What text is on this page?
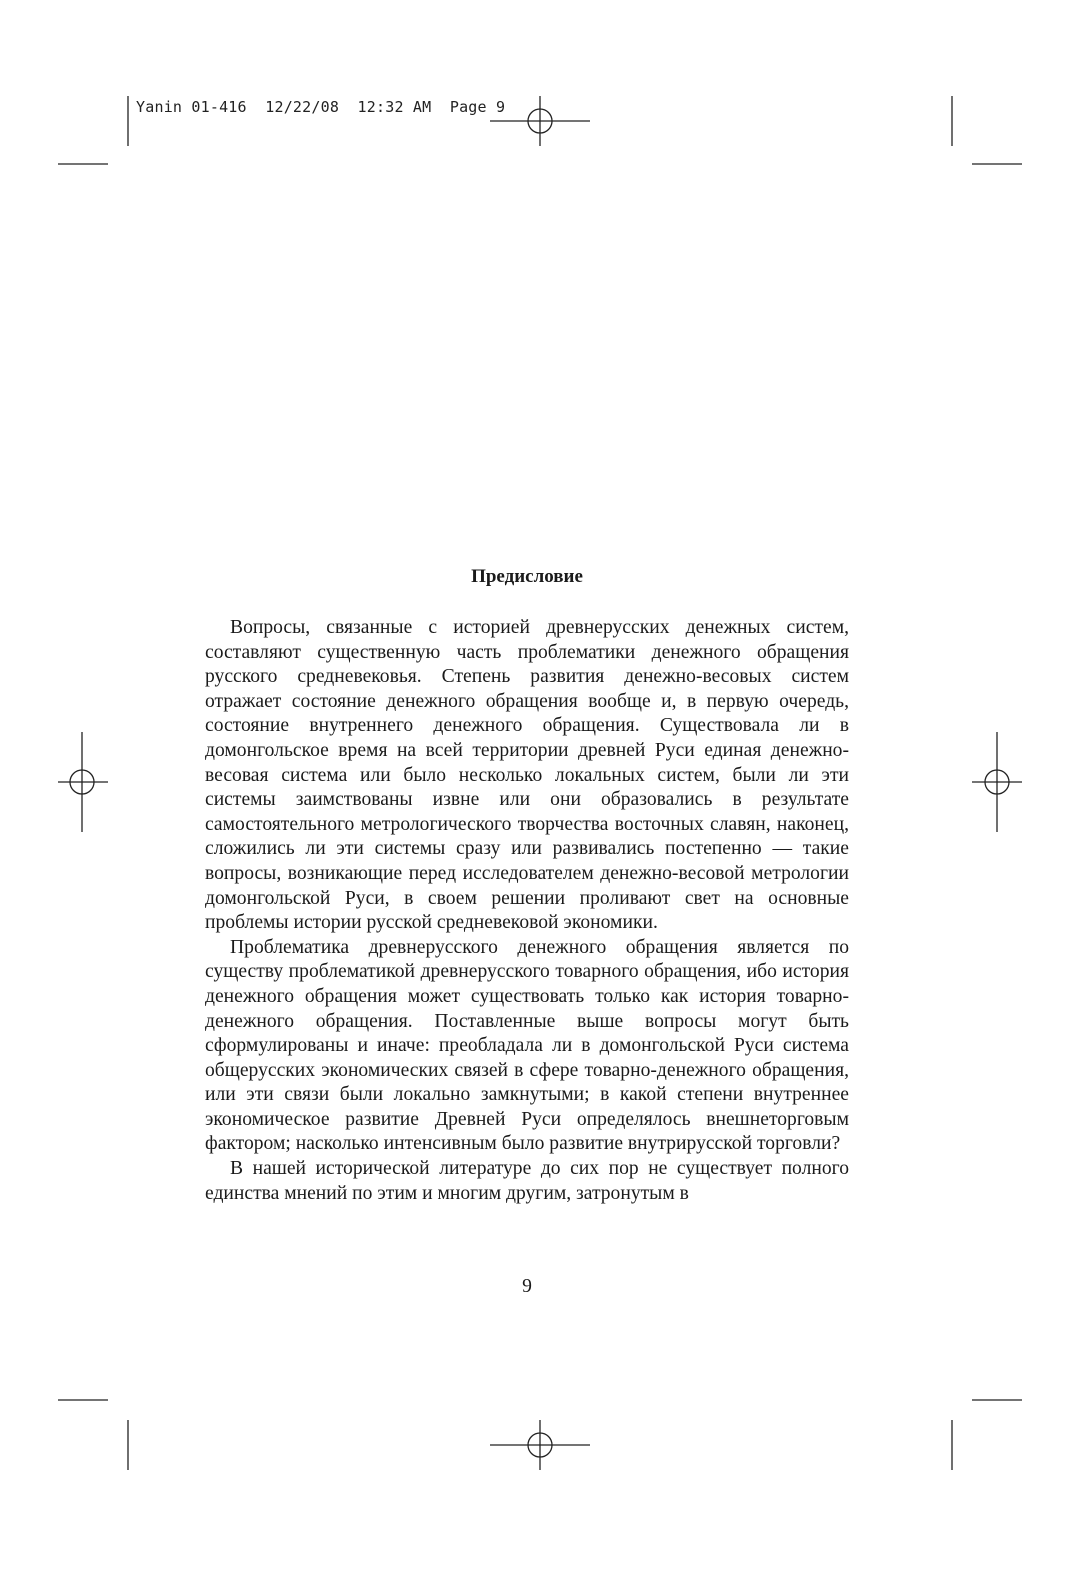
Yanin 01-416  12/22/08  12:32 AM  Page 9
Предисловие

Вопросы, связанные с историей древнерусских денежных систем, составляют существенную часть проблематики денежного обращения русского средневековья. Степень развития денежно-весовых систем отражает состояние денежного обращения вообще и, в первую очередь, состояние внутреннего денежного обращения. Существовала ли в домонгольское время на всей территории древней Руси единая денежно-весовая система или было несколько локальных систем, были ли эти системы заимствованы извне или они образовались в результате самостоятельного метрологического творчества восточных славян, наконец, сложились ли эти системы сразу или развивались постепенно — такие вопросы, возникающие перед исследователем денежно-весовой метрологии домонгольской Руси, в своем решении проливают свет на основные проблемы истории русской средневековой экономики.

Проблематика древнерусского денежного обращения является по существу проблематикой древнерусского товарного обращения, ибо история денежного обращения может существовать только как история товарно-денежного обращения. Поставленные выше вопросы могут быть сформулированы и иначе: преобладала ли в домонгольской Руси система общерусских экономических связей в сфере товарно-денежного обращения, или эти связи были локально замкнутыми; в какой степени внутреннее экономическое развитие Древней Руси определялось внешнеторговым фактором; насколько интенсивным было развитие внутрирусской торговли?

В нашей исторической литературе до сих пор не существует полного единства мнений по этим и многим другим, затронутым в

9
